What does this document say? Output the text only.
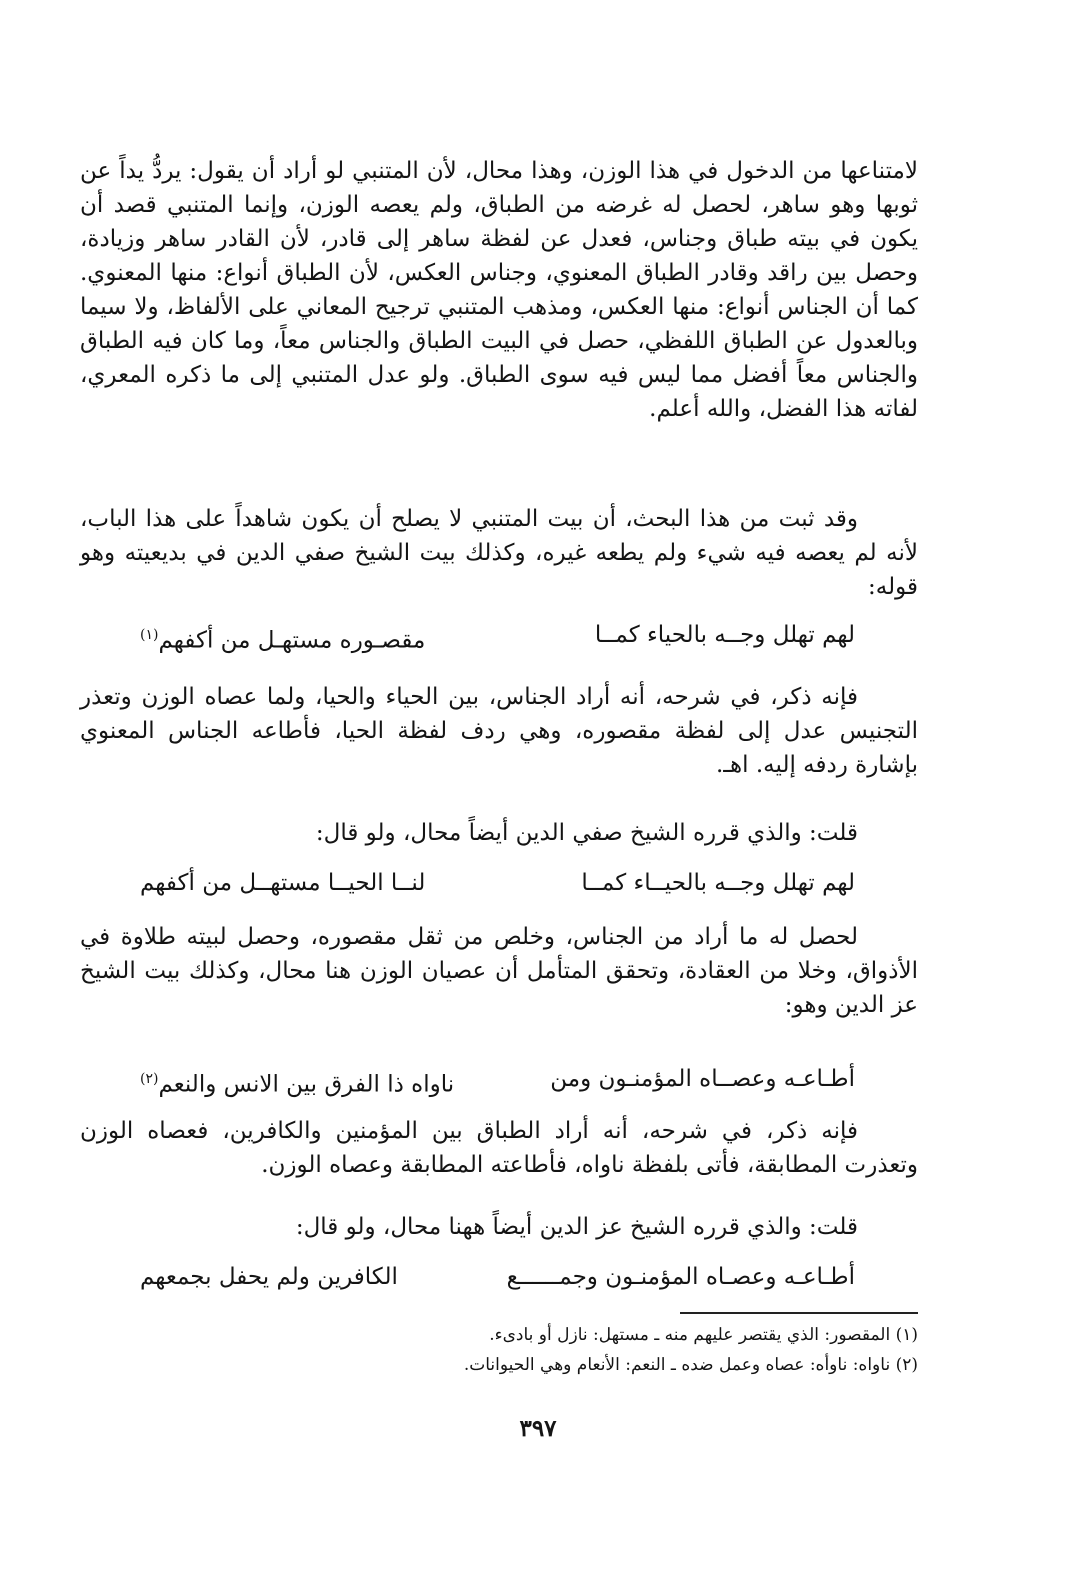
لامتناعها من الدخول في هذا الوزن، وهذا محال، لأن المتنبي لو أراد أن يقول: يردُّ يداً عن ثوبها وهو ساهر، لحصل له غرضه من الطباق، ولم يعصه الوزن، وإنما المتنبي قصد أن يكون في بيته طباق وجناس، فعدل عن لفظة ساهر إلى قادر، لأن القادر ساهر وزيادة، وحصل بين راقد وقادر الطباق المعنوي، وجناس العكس، لأن الطباق أنواع: منها المعنوي. كما أن الجناس أنواع: منها العكس، ومذهب المتنبي ترجيح المعاني على الألفاظ، ولا سيما وبالعدول عن الطباق اللفظي، حصل في البيت الطباق والجناس معاً، وما كان فيه الطباق والجناس معاً أفضل مما ليس فيه سوى الطباق. ولو عدل المتنبي إلى ما ذكره المعري، لفاته هذا الفضل، والله أعلم.
وقد ثبت من هذا البحث، أن بيت المتنبي لا يصلح أن يكون شاهداً على هذا الباب، لأنه لم يعصه فيه شيء ولم يطعه غيره، وكذلك بيت الشيخ صفي الدين في بديعيته وهو قوله:
لهم تهلل وجــه بالحياء كمــا
مقصـوره مستهـل من أكفهم$^{(١)}$
فإنه ذكر، في شرحه، أنه أراد الجناس، بين الحياء والحيا، ولما عصاه الوزن وتعذر التجنيس عدل إلى لفظة مقصوره، وهي ردف لفظة الحيا، فأطاعه الجناس المعنوي بإشارة ردفه إليه. اهـ.
قلت: والذي قرره الشيخ صفي الدين أيضاً محال، ولو قال:
لهم تهلل وجــه بالحيــاء كمــا
لنــا الحيــا مستهــل من أكفهم
لحصل له ما أراد من الجناس، وخلص من ثقل مقصوره، وحصل لبيته طلاوة في الأذواق، وخلا من العقادة، وتحقق المتأمل أن عصيان الوزن هنا محال، وكذلك بيت الشيخ عز الدين وهو:
أطـاعـه وعصــاه المؤمنـون ومن
ناواه ذا الفرق بين الانس والنعم$^{(٢)}$
فإنه ذكر، في شرحه، أنه أراد الطباق بين المؤمنين والكافرين، فعصاه الوزن وتعذرت المطابقة، فأتى بلفظة ناواه، فأطاعته المطابقة وعصاه الوزن.
قلت: والذي قرره الشيخ عز الدين أيضاً ههنا محال، ولو قال:
أطـاعـه وعصـاه المؤمنـون وجمــــــع
الكافرين ولم يحفل بجمعهم
(١) المقصور: الذي يقتصر عليهم منه ـ مستهل: نازل أو بادىء.
(٢) ناواه: ناوأه: عصاه وعمل ضده ـ النعم: الأنعام وهي الحيوانات.
٣٩٧
